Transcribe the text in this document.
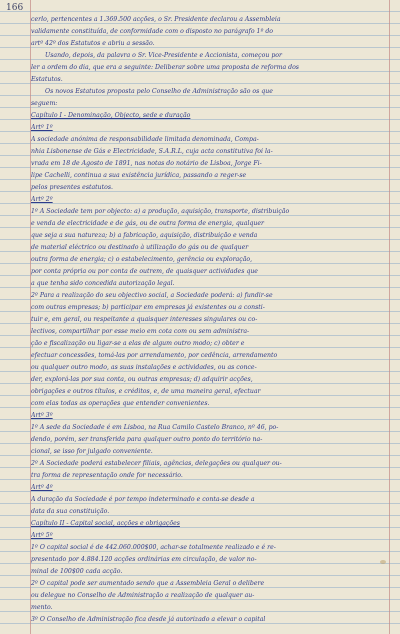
166
cerlo, pertencentes a 1.369.500 acções, o Sr. Presidente declarou a Assembleia
validamente constituída, de conformidade com o disposto no parágrafo 1º do
artº 42º dos Estatutos e abriu a sessão.
Usando, depois, da palavra o Sr. Vice-Presidente e Accionista, começou por
ler a ordem do dia, que era a seguinte: Deliberar sobre uma proposta de reforma dos
Estatutos.
Os novos Estatutos proposta pelo Conselho de Administração são os que
seguem:
Capítulo I - Denominação, Objecto, sede e duração
Artº 1º
A sociedade anónima de responsabilidade limitada denominada, Compa-
nhia Lisbonense de Gás e Electricidade, S.A.R.L, cuja acta constitutiva foi la-
vrada em 18 de Agosto de 1891, nas notas do notário de Lisboa, Jorge Fi-
lipe Cachelli, continua a sua existência jurídica, passando a reger-se
pelos presentes estatutos.
Artº 2º
1º A Sociedade tem por objecto: a) a produção, aquisição, transporte, distribuição
e venda de electricidade e de gás, ou de outra forma de energia, qualquer
que seja a sua natureza; b) a fabricação, aquisição, distribuição e venda
de material eléctrico ou destinado à utilização do gás ou de qualquer
outra forma de energia; c) o estabelecimento, gerência ou exploração,
por conta própria ou por conta de outrem, de quaisquer actividades que
a que tenha sido concedida autorização legal.
2º Para a realização do seu objectivo social, a Sociedade poderá: a) fundir-se
com outras empresas; b) participar em empresas já existentes ou a consti-
tuir e, em geral, ou respeitante a quaisquer interesses singulares ou co-
lectivos, compartilhar por esse meio em cota com ou sem administra-
ção e fiscalização ou ligar-se a elas de algum outro modo; c) obter e
efectuar concessões, tomá-las por arrendamento, por cedência, arrendamento
ou qualquer outro modo, as suas instalações e actividades, ou as conce-
der, explorá-las por sua conta, ou outras empresas; d) adquirir acções,
obrigações e outros títulos, e créditos, e, de uma maneira geral, efectuar
com elas todas as operações que entender convenientes.
Artº 3º
1º A sede da Sociedade é em Lisboa, na Rua Camilo Castelo Branco, nº 46, po-
dendo, porém, ser transferida para qualquer outro ponto do território na-
cional, se isso for julgado conveniente.
2º A Sociedade poderá estabelecer filiais, agências, delegações ou qualquer ou-
tra forma de representação onde for necessário.
Artº 4º
A duração da Sociedade é por tempo indeterminado e conta-se desde a
data da sua constituição.
Capítulo II - Capital social, acções e obrigações
Artº 5º
1º O capital social é de 442.060.000$00, achar-se totalmente realizado e é re-
presentado por 4.884.120 acções ordinárias em circulação, de valor no-
minal de 100$00 cada acção.
2º O capital pode ser aumentado sendo que a Assembleia Geral o delibere
ou delegue no Conselho de Administração a realização de qualquer au-
mento.
3º O Conselho de Administração fica desde já autorizado a elevar o capital
